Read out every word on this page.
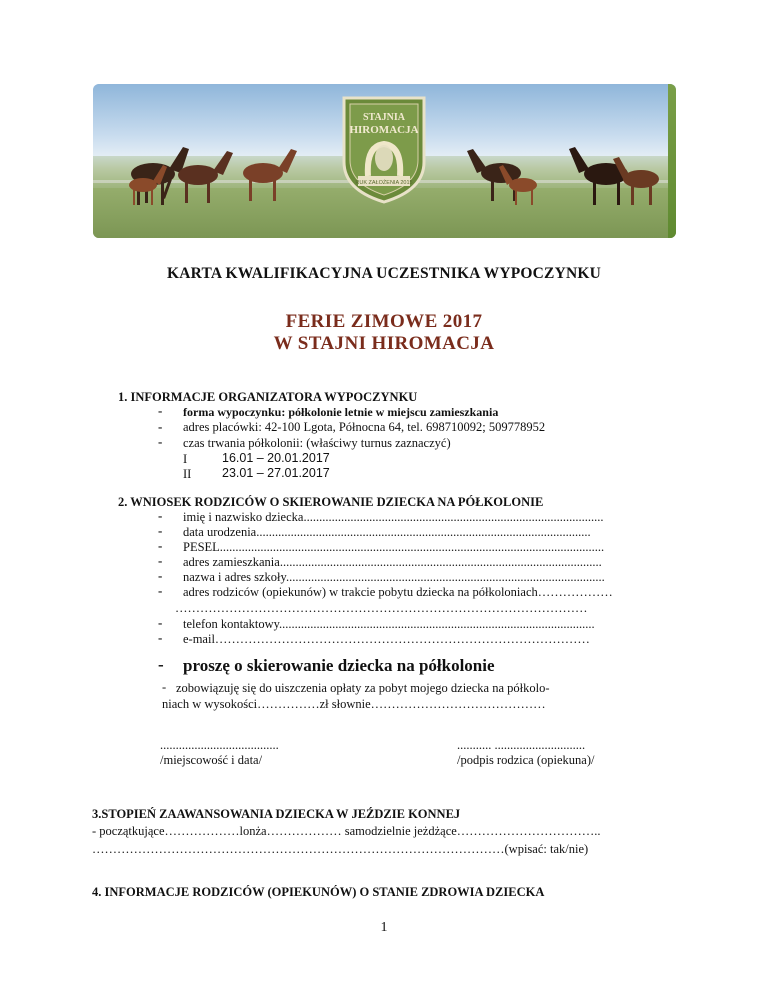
STAJNIA
HIROMACJA
RUK ZAŁOŻENIA 2015
KARTA KWALIFIKACYJNA UCZESTNIKA WYPOCZYNKU
FERIE ZIMOWE 2017
W STAJNI HIROMACJA
1. INFORMACJE ORGANIZATORA WYPOCZYNKU
- forma wypoczynku: półkolonie letnie w miejscu zamieszkania
- adres placówki: 42-100 Lgota, Północna 64, tel. 698710092; 509778952
- czas trwania półkolonii: (właściwy turnus zaznaczyć)
I	16.01 – 20.01.2017
II 23.01 – 27.01.2017
2. WNIOSEK RODZICÓW O SKIEROWANIE DZIECKA NA PÓŁKOLONIE
- imię i nazwisko dziecka................................................................................................
- data urodzenia...........................................................................................................
- PESEL...........................................................................................................................
- adres zamieszkania.......................................................................................................
- nazwa i adres szkoły......................................................................................................
- adres rodziców (opiekunów) w trakcie pobytu dziecka na półkoloniach………………
………………………………………………………………………………………
- telefon kontaktowy.....................................................................................................
- e-mail………………………………………………………………………………
- proszę o skierowanie dziecka na półkolonie
- zobowiązuję się do uiszczenia opłaty za pobyt mojego dziecka na półkolo-
niach w wysokości……………zł słownie……………………………………
......................................
/miejscowość i data/
........... .............................
/podpis rodzica (opiekuna)/
3.STOPIEŃ ZAAWANSOWANIA DZIECKA W JEŹDZIE KONNEJ
- początkujące………………lonża……………… samodzielnie jeżdżące……………………………..
………………………………………………………………………………………(wpisać: tak/nie)
4. INFORMACJE RODZICÓW (OPIEKUNÓW) O STANIE ZDROWIA DZIECKA
1
